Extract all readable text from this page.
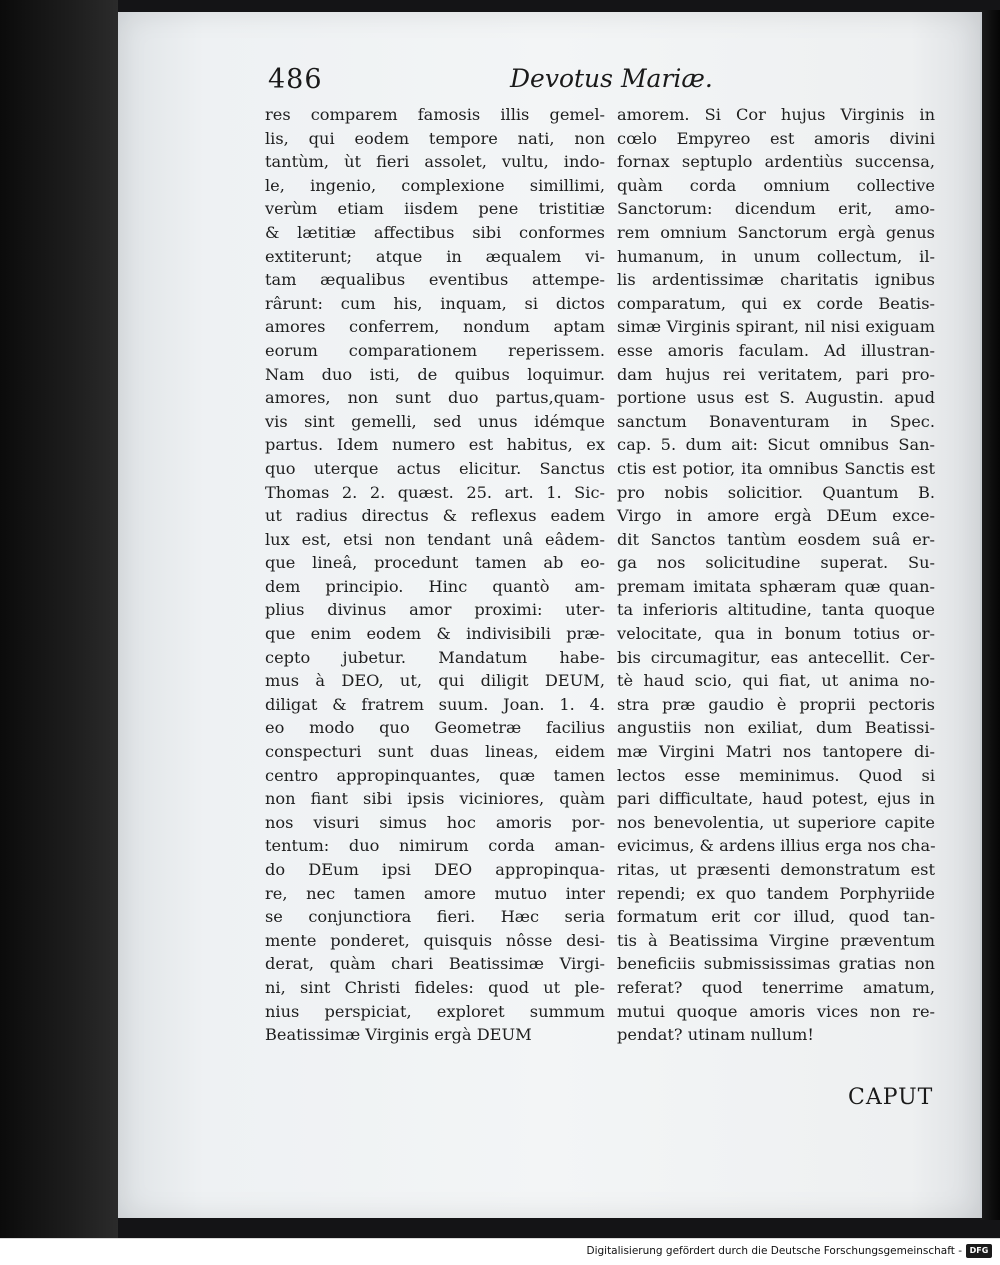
486	Devotus Mariæ.
res comparem famosis illis gemel-
lis, qui eodem tempore nati, non
tantùm, ùt fieri assolet, vultu, indo-
le, ingenio, complexione simillimi,
verùm etiam iisdem pene tristitiæ
& lætitiæ affectibus sibi conformes
extiterunt; atque in æqualem vi-
tam æqualibus eventibus attempe-
rârunt: cum his, inquam, si dictos
amores conferrem, nondum aptam
eorum comparationem reperissem.
Nam duo isti, de quibus loquimur.
amores, non sunt duo partus,quam-
vis sint gemelli, sed unus idémque
partus. Idem numero est habitus, ex
quo uterque actus elicitur. Sanctus
Thomas 2. 2. quæst. 25. art. 1. Sic-
ut radius directus & reflexus eadem
lux est, etsi non tendant unâ eâdem-
que lineâ, procedunt tamen ab eo-
dem principio. Hinc quantò am-
plius divinus amor proximi: uter-
que enim eodem & indivisibili præ-
cepto jubetur. Mandatum habe-
mus à DEO, ut, qui diligit DEUM,
diligat & fratrem suum. Joan. 1. 4.
eo modo quo Geometræ facilius
conspecturi sunt duas lineas, eidem
centro appropinquantes, quæ tamen
non fiant sibi ipsis viciniores, quàm
nos visuri simus hoc amoris por-
tentum: duo nimirum corda aman-
do DEum ipsi DEO appropinqua-
re, nec tamen amore mutuo inter
se conjunctiora fieri. Hæc seria
mente ponderet, quisquis nôsse desi-
derat, quàm chari Beatissimæ Virgi-
ni, sint Christi fideles: quod ut ple-
nius perspiciat, exploret summum
Beatissimæ Virginis ergà DEUM
amorem. Si Cor hujus Virginis in
cœlo Empyreo est amoris divini
fornax septuplo ardentiùs succensa,
quàm corda omnium collective
Sanctorum: dicendum erit, amo-
rem omnium Sanctorum ergà genus
humanum, in unum collectum, il-
lis ardentissimæ charitatis ignibus
comparatum, qui ex corde Beatis-
simæ Virginis spirant, nil nisi exiguam
esse amoris faculam. Ad illustran-
dam hujus rei veritatem, pari pro-
portione usus est S. Augustin. apud
sanctum Bonaventuram in Spec.
cap. 5. dum ait: Sicut omnibus San-
ctis est potior, ita omnibus Sanctis est
pro nobis solicitior. Quantum B.
Virgo in amore ergà DEum exce-
dit Sanctos tantùm eosdem suâ er-
ga nos solicitudine superat. Su-
premam imitata sphæram quæ quan-
ta inferioris altitudine, tanta quoque
velocitate, qua in bonum totius or-
bis circumagitur, eas antecellit. Cer-
tè haud scio, qui fiat, ut anima no-
stra præ gaudio è proprii pectoris
angustiis non exiliat, dum Beatissi-
mæ Virgini Matri nos tantopere di-
lectos esse meminimus. Quod si
pari difficultate, haud potest, ejus in
nos benevolentia, ut superiore capite
evicimus, & ardens illius erga nos cha-
ritas, ut præsenti demonstratum est
rependi; ex quo tandem Porphyriide
formatum erit cor illud, quod tan-
tis à Beatissima Virgine præventum
beneficiis submississimas gratias non
referat? quod tenerrime amatum,
mutui quoque amoris vices non re-
pendat? utinam nullum!
CAPUT
Digitalisierung gefördert durch die Deutsche Forschungsgemeinschaft - DFG
